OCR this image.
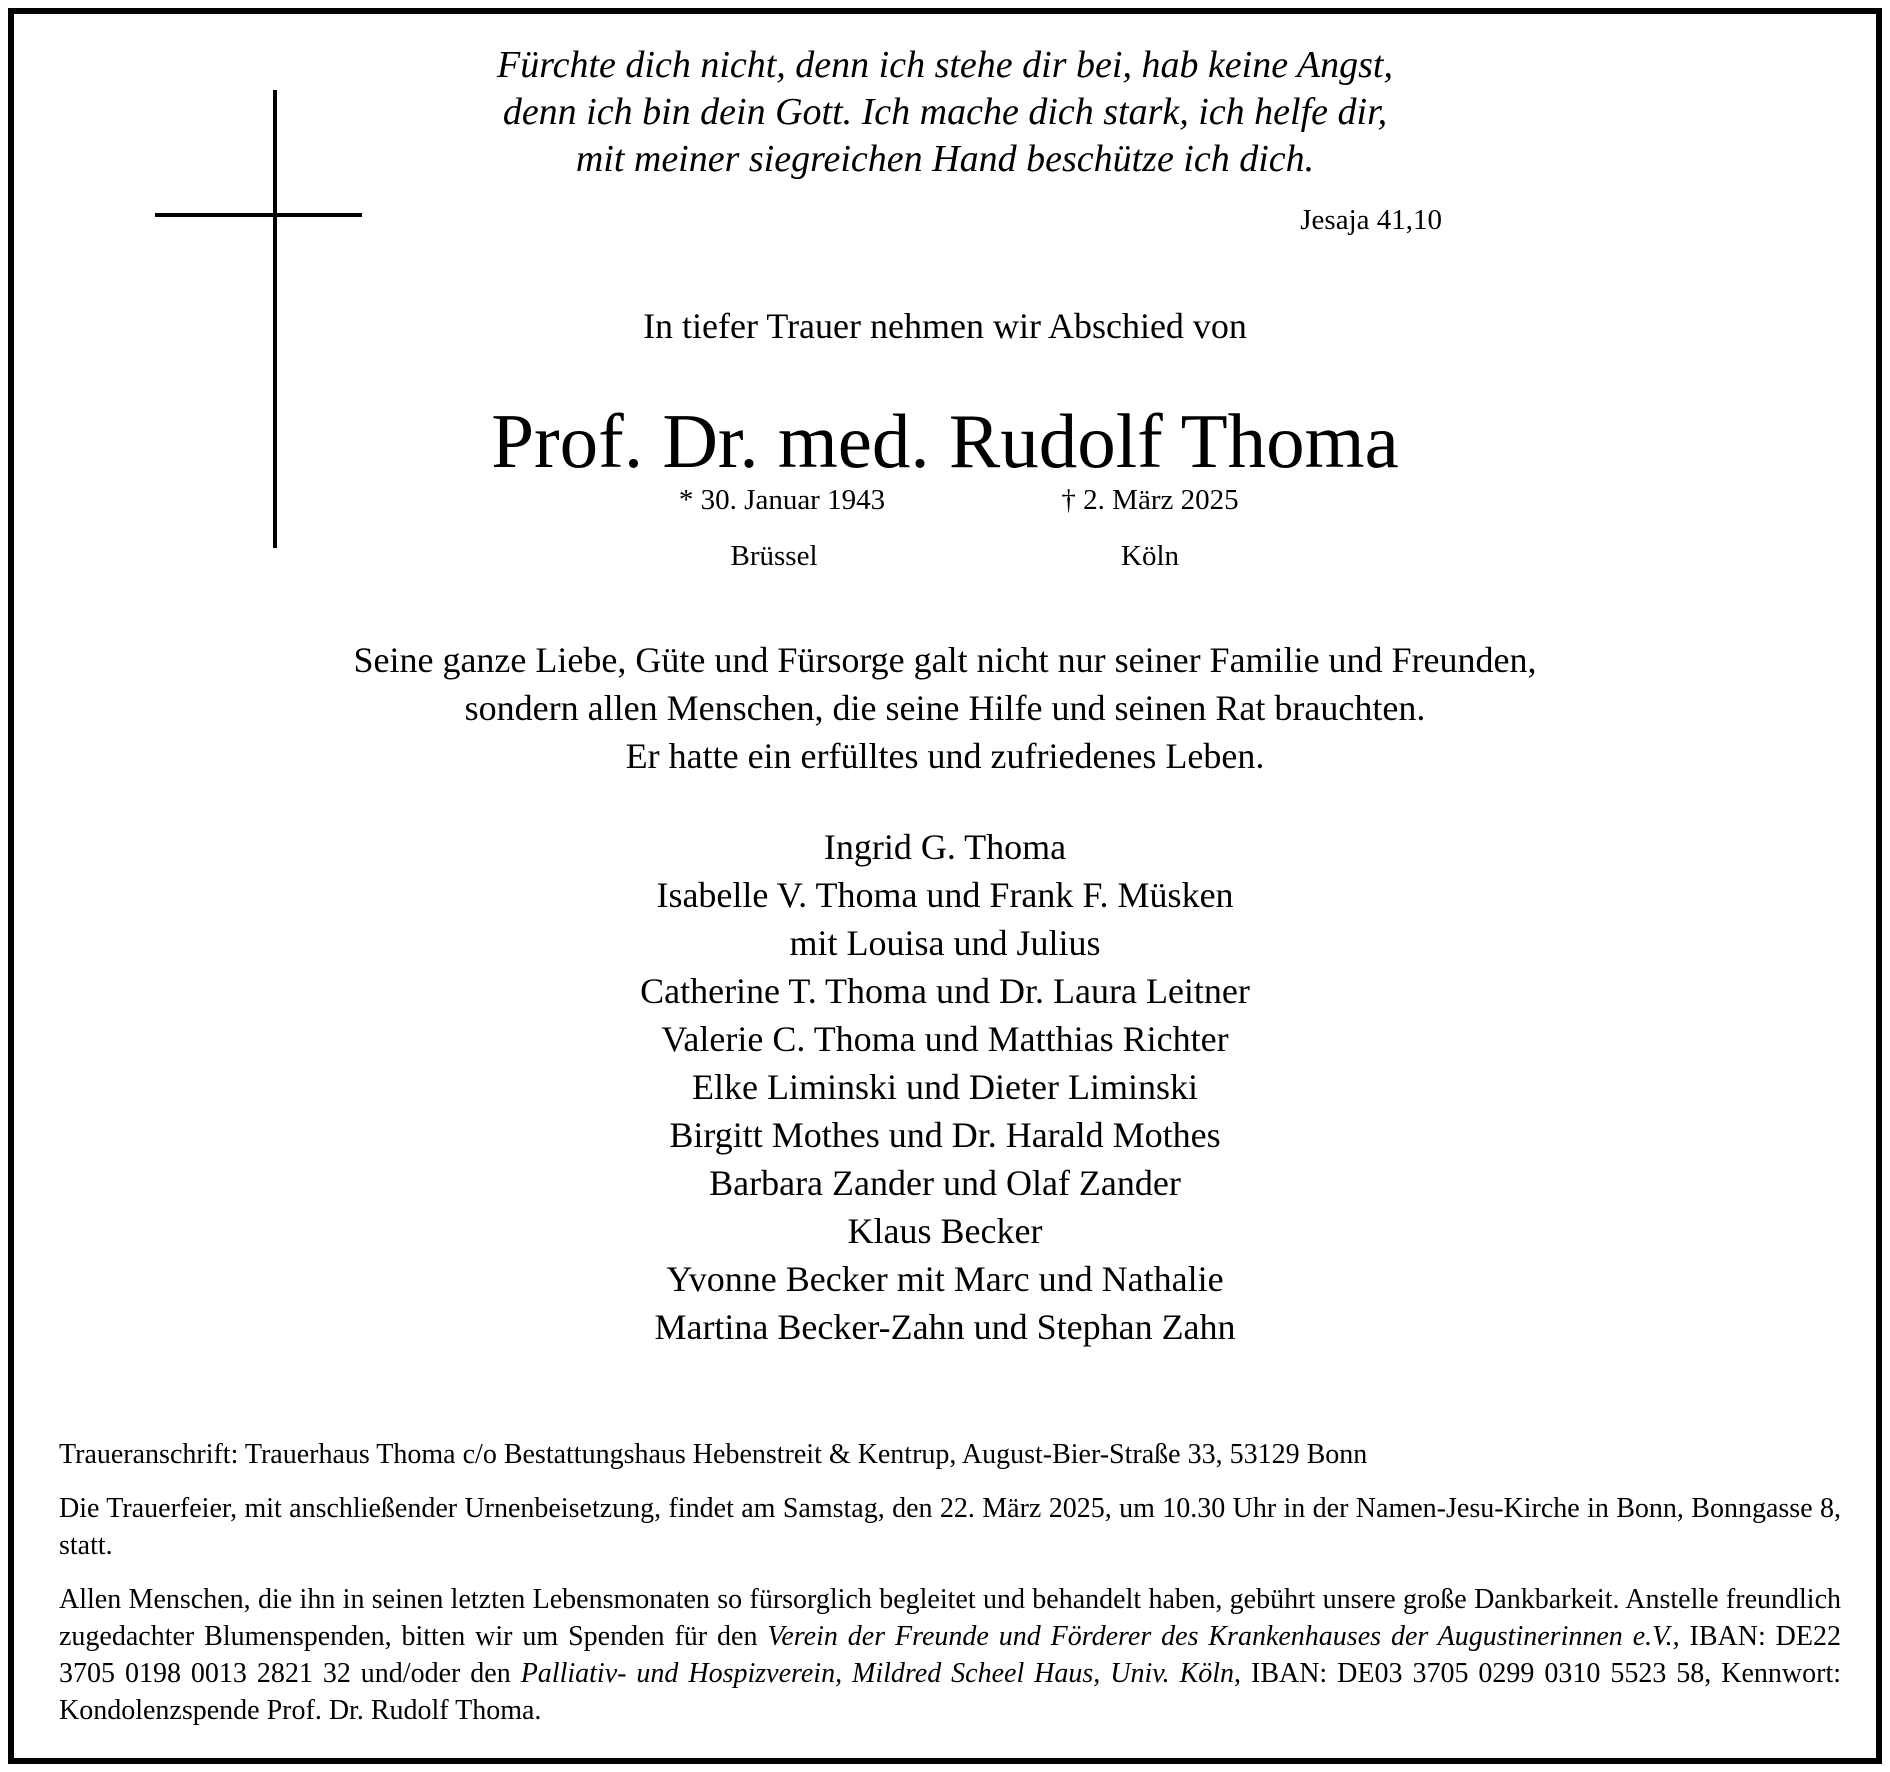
Fürchte dich nicht, denn ich stehe dir bei, hab keine Angst,
denn ich bin dein Gott. Ich mache dich stark, ich helfe dir,
mit meiner siegreichen Hand beschütze ich dich.
Jesaja 41,10
In tiefer Trauer nehmen wir Abschied von
Prof. Dr. med. Rudolf Thoma
* 30. Januar 1943	† 2. März 2025
Brüssel	Köln
Seine ganze Liebe, Güte und Fürsorge galt nicht nur seiner Familie und Freunden,
sondern allen Menschen, die seine Hilfe und seinen Rat brauchten.
Er hatte ein erfülltes und zufriedenes Leben.
Ingrid G. Thoma
Isabelle V. Thoma und Frank F. Müsken
mit Louisa und Julius
Catherine T. Thoma und Dr. Laura Leitner
Valerie C. Thoma und Matthias Richter
Elke Liminski und Dieter Liminski
Birgitt Mothes und Dr. Harald Mothes
Barbara Zander und Olaf Zander
Klaus Becker
Yvonne Becker mit Marc und Nathalie
Martina Becker-Zahn und Stephan Zahn
Traueranschrift: Trauerhaus Thoma c/o Bestattungshaus Hebenstreit & Kentrup, August-Bier-Straße 33, 53129 Bonn
Die Trauerfeier, mit anschließender Urnenbeisetzung, findet am Samstag, den 22. März 2025, um 10.30 Uhr in der Namen-Jesu-Kirche in Bonn, Bonngasse 8, statt.
Allen Menschen, die ihn in seinen letzten Lebensmonaten so fürsorglich begleitet und behandelt haben, gebührt unsere große Dankbarkeit. Anstelle freundlich zugedachter Blumenspenden, bitten wir um Spenden für den Verein der Freunde und Förderer des Krankenhauses der Augustinerinnen e.V., IBAN: DE22 3705 0198 0013 2821 32 und/oder den Palliativ- und Hospizverein, Mildred Scheel Haus, Univ. Köln, IBAN: DE03 3705 0299 0310 5523 58, Kennwort: Kondolenzspende Prof. Dr. Rudolf Thoma.
